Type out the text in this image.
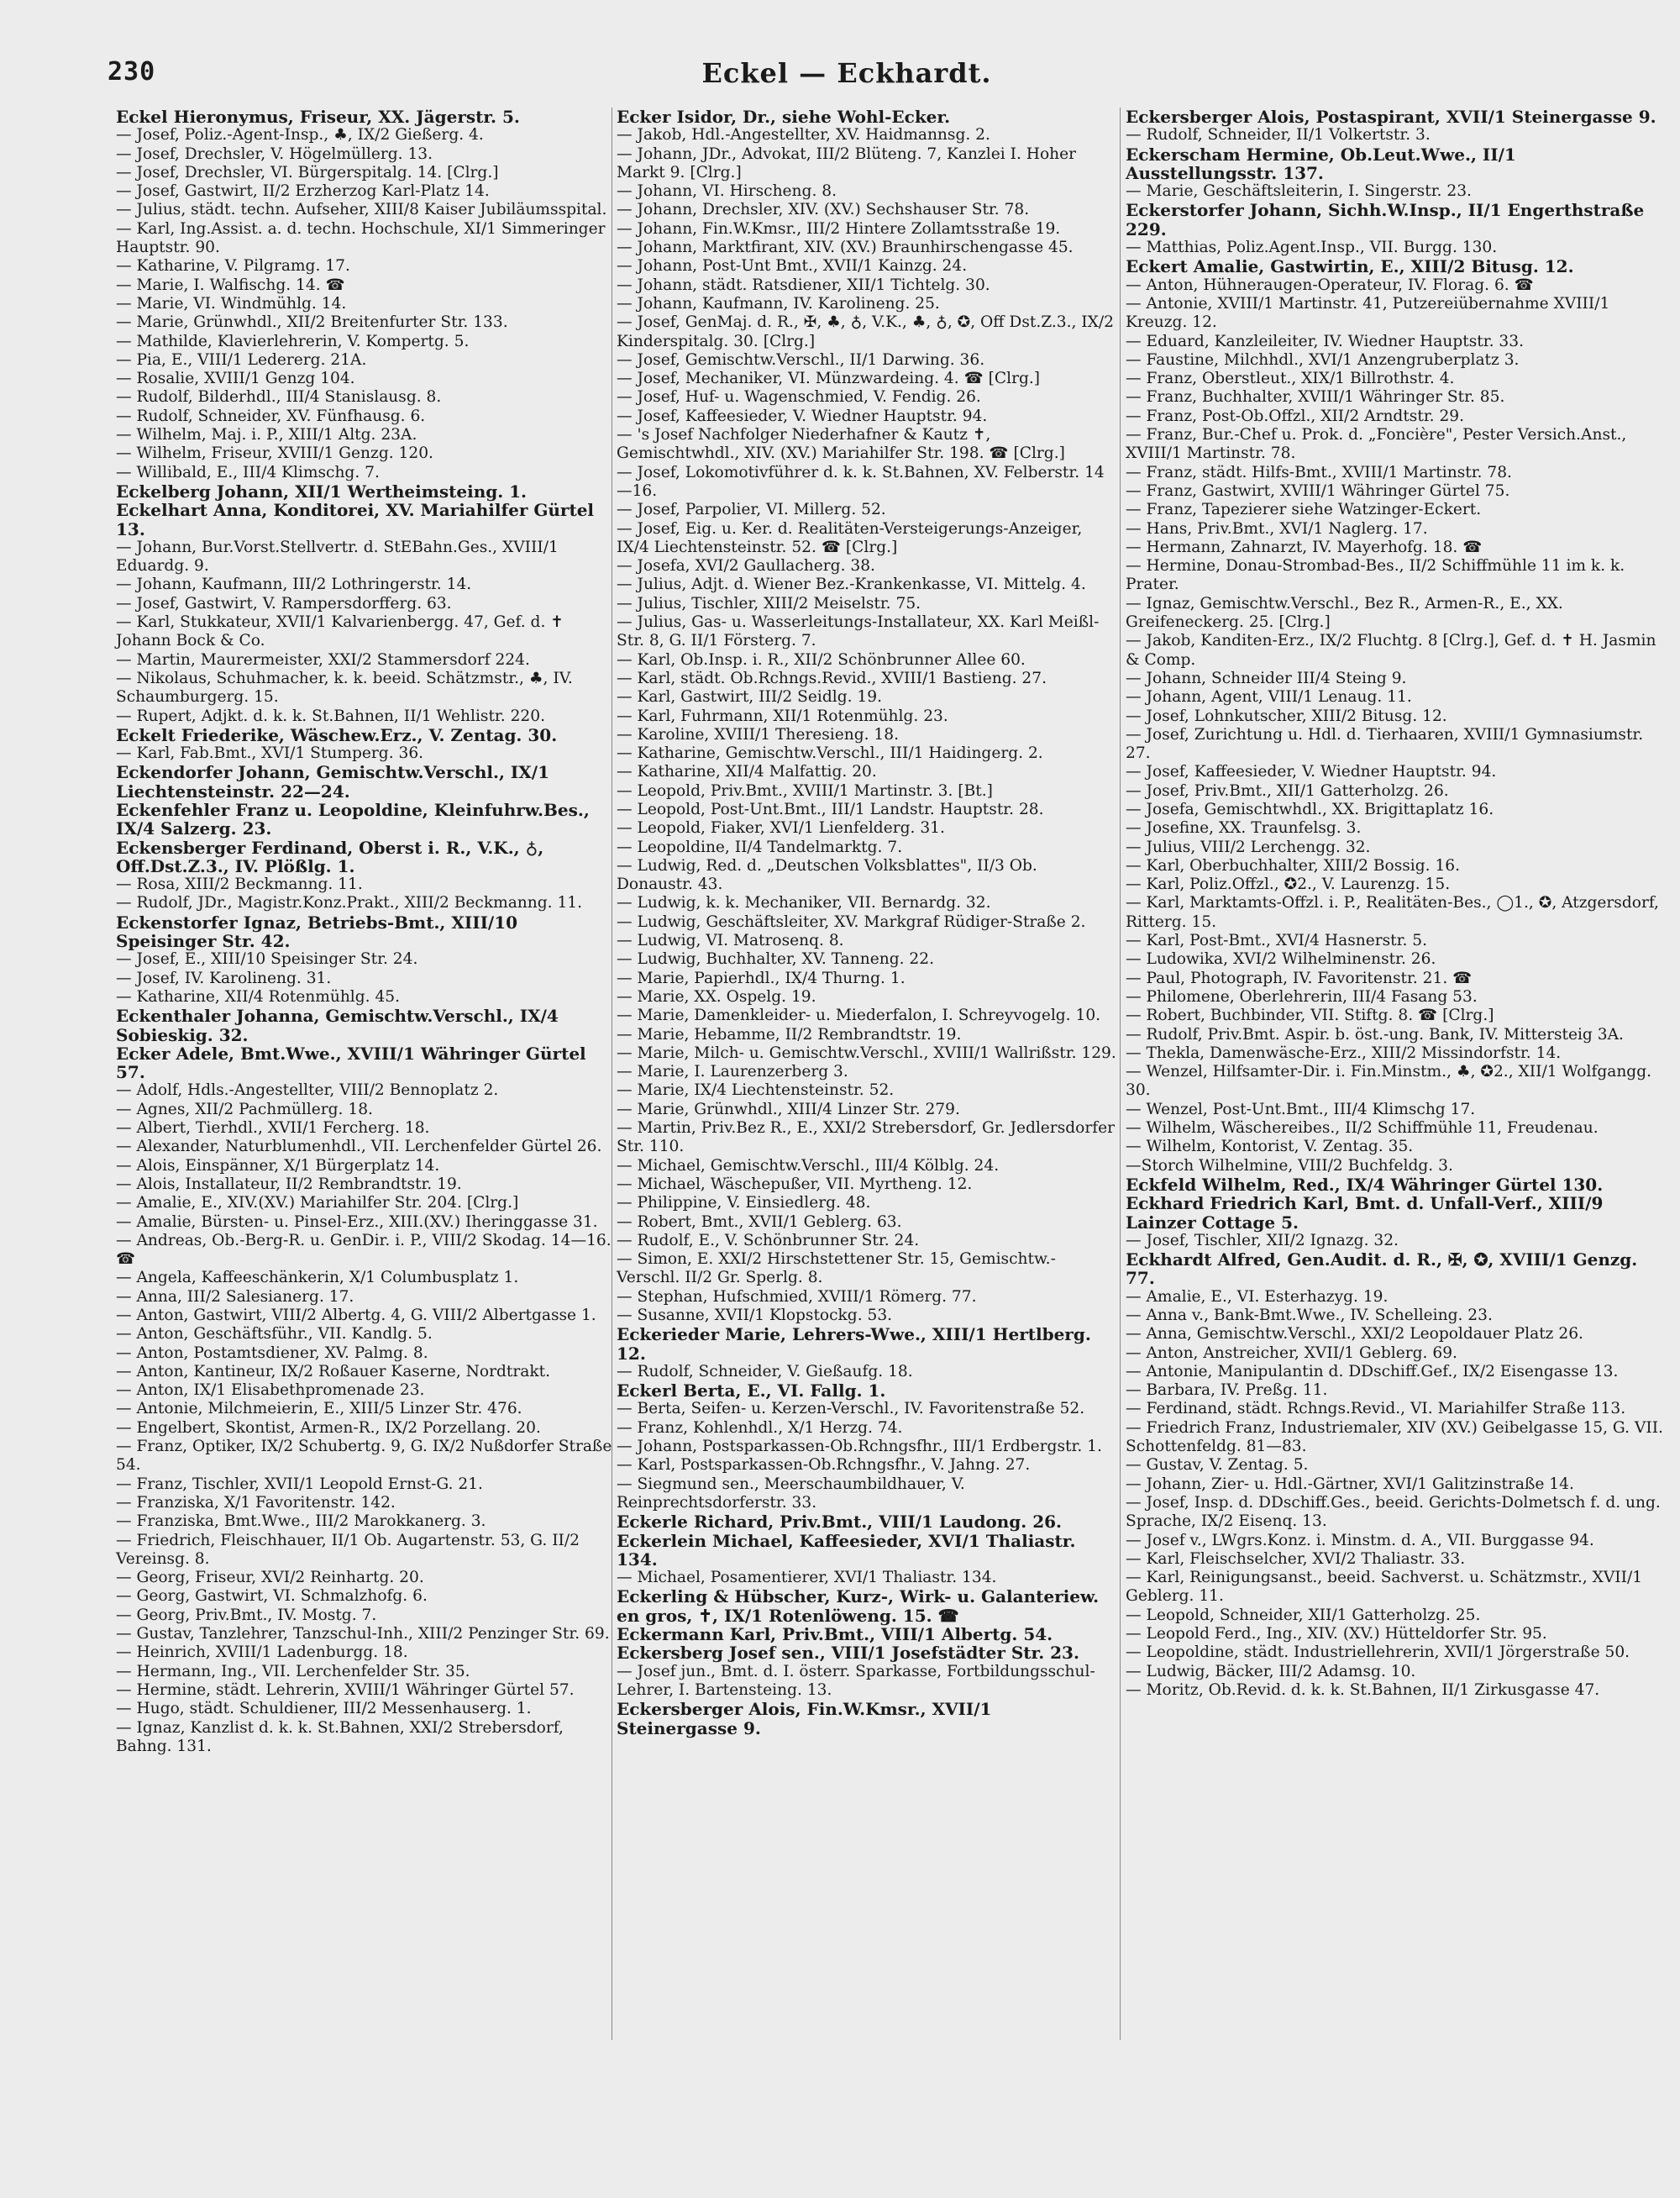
230	Eckel — Eckhardt.

Eckel Hieronymus, Friseur, XX. Jägerstr. 5.

— Josef, Poliz.-Agent-Insp., ♣, IX/2 Gießerg. 4.

— Josef, Drechsler, V. Högelmüllerg. 13.

— Josef, Drechsler, VI. Bürgerspitalg. 14. [Clrg.]

— Josef, Gastwirt, II/2 Erzherzog Karl-Platz 14.

— Julius, städt. techn. Aufseher, XIII/8 Kaiser Jubiläumsspital.

— Karl, Ing.Assist. a. d. techn. Hochschule, XI/1 Simmeringer Hauptstr. 90.

— Katharine, V. Pilgramg. 17.

— Marie, I. Walfischg. 14. ☎

— Marie, VI. Windmühlg. 14.

— Marie, Grünwhdl., XII/2 Breitenfurter Str. 133.

— Mathilde, Klavierlehrerin, V. Kompertg. 5.

— Pia, E., VIII/1 Ledererg. 21A.

— Rosalie, XVIII/1 Genzg 104.

— Rudolf, Bilderhdl., III/4 Stanislausg. 8.

— Rudolf, Schneider, XV. Fünfhausg. 6.

— Wilhelm, Maj. i. P., XIII/1 Altg. 23A.

— Wilhelm, Friseur, XVIII/1 Genzg. 120.

— Willibald, E., III/4 Klimschg. 7.

Eckelberg Johann, XII/1 Wertheimsteing. 1.

Eckelhart Anna, Konditorei, XV. Mariahilfer Gürtel 13.

— Johann, Bur.Vorst.Stellvertr. d. StEBahn.Ges., XVIII/1 Eduardg. 9.

— Johann, Kaufmann, III/2 Lothringerstr. 14.

— Josef, Gastwirt, V. Rampersdorfferg. 63.

— Karl, Stukkateur, XVII/1 Kalvarienbergg. 47, Gef. d. ✝ Johann Bock & Co.

— Martin, Maurermeister, XXI/2 Stammersdorf 224.

— Nikolaus, Schuhmacher, k. k. beeid. Schätzmstr., ♣, IV. Schaumburgerg. 15.

— Rupert, Adjkt. d. k. k. St.Bahnen, II/1 Wehlistr. 220.

Eckelt Friederike, Wäschew.Erz., V. Zentag. 30.

— Karl, Fab.Bmt., XVI/1 Stumperg. 36.

Eckendorfer Johann, Gemischtw.Verschl., IX/1 Liechtensteinstr. 22—24.

Eckenfehler Franz u. Leopoldine, Kleinfuhrw.Bes., IX/4 Salzerg. 23.

Eckensberger Ferdinand, Oberst i. R., V.K., ♁, Off.Dst.Z.3., IV. Plößlg. 1.

— Rosa, XIII/2 Beckmanng. 11.

— Rudolf, JDr., Magistr.Konz.Prakt., XIII/2 Beckmanng. 11.

Eckenstorfer Ignaz, Betriebs-Bmt., XIII/10 Speisinger Str. 42.

— Josef, E., XIII/10 Speisinger Str. 24.

— Josef, IV. Karolineng. 31.

— Katharine, XII/4 Rotenmühlg. 45.

Eckenthaler Johanna, Gemischtw.Verschl., IX/4 Sobieskig. 32.

Ecker Adele, Bmt.Wwe., XVIII/1 Währinger Gürtel 57.

— Adolf, Hdls.-Angestellter, VIII/2 Bennoplatz 2.

— Agnes, XII/2 Pachmüllerg. 18.

— Albert, Tierhdl., XVII/1 Fercherg. 18.

— Alexander, Naturblumenhdl., VII. Lerchenfelder Gürtel 26.

— Alois, Einspänner, X/1 Bürgerplatz 14.

— Alois, Installateur, II/2 Rembrandtstr. 19.

— Amalie, E., XIV.(XV.) Mariahilfer Str. 204. [Clrg.]

— Amalie, Bürsten- u. Pinsel-Erz., XIII.(XV.) Iheringgasse 31.

— Andreas, Ob.-Berg-R. u. GenDir. i. P., VIII/2 Skodag. 14—16. ☎

— Angela, Kaffeeschänkerin, X/1 Columbusplatz 1.

— Anna, III/2 Salesianerg. 17.

— Anton, Gastwirt, VIII/2 Albertg. 4, G. VIII/2 Albertgasse 1.

— Anton, Geschäftsführ., VII. Kandlg. 5.

— Anton, Postamtsdiener, XV. Palmg. 8.

— Anton, Kantineur, IX/2 Roßauer Kaserne, Nordtrakt.

— Anton, IX/1 Elisabethpromenade 23.

— Antonie, Milchmeierin, E., XIII/5 Linzer Str. 476.

— Engelbert, Skontist, Armen-R., IX/2 Porzellang. 20.

— Franz, Optiker, IX/2 Schubertg. 9, G. IX/2 Nußdorfer Straße 54.

— Franz, Tischler, XVII/1 Leopold Ernst-G. 21.

— Franziska, X/1 Favoritenstr. 142.

— Franziska, Bmt.Wwe., III/2 Marokkanerg. 3.

— Friedrich, Fleischhauer, II/1 Ob. Augartenstr. 53, G. II/2 Vereinsg. 8.

— Georg, Friseur, XVI/2 Reinhartg. 20.

— Georg, Gastwirt, VI. Schmalzhofg. 6.

— Georg, Priv.Bmt., IV. Mostg. 7.

— Gustav, Tanzlehrer, Tanzschul-Inh., XIII/2 Penzinger Str. 69.

— Heinrich, XVIII/1 Ladenburgg. 18.

— Hermann, Ing., VII. Lerchenfelder Str. 35.

— Hermine, städt. Lehrerin, XVIII/1 Währinger Gürtel 57.

— Hugo, städt. Schuldiener, III/2 Messenhauserg. 1.

— Ignaz, Kanzlist d. k. k. St.Bahnen, XXI/2 Strebersdorf, Bahng. 131.

Ecker Isidor, Dr., siehe Wohl-Ecker.

— Jakob, Hdl.-Angestellter, XV. Haidmannsg. 2.

— Johann, JDr., Advokat, III/2 Blüteng. 7, Kanzlei I. Hoher Markt 9. [Clrg.]

— Johann, VI. Hirscheng. 8.

— Johann, Drechsler, XIV. (XV.) Sechshauser Str. 78.

— Johann, Fin.W.Kmsr., III/2 Hintere Zollamtsstraße 19.

— Johann, Marktfirant, XIV. (XV.) Braunhirschengasse 45.

— Johann, Post-Unt Bmt., XVII/1 Kainzg. 24.

— Johann, städt. Ratsdiener, XII/1 Tichtelg. 30.

— Johann, Kaufmann, IV. Karolineng. 25.

— Josef, GenMaj. d. R., ✠, ♣, ♁, V.K., ♣, ♁, ✪, Off Dst.Z.3., IX/2 Kinderspitalg. 30. [Clrg.]

— Josef, Gemischtw.Verschl., II/1 Darwing. 36.

— Josef, Mechaniker, VI. Münzwardeing. 4. ☎ [Clrg.]

— Josef, Huf- u. Wagenschmied, V. Fendig. 26.

— Josef, Kaffeesieder, V. Wiedner Hauptstr. 94.

— 's Josef Nachfolger Niederhafner & Kautz ✝, Gemischtwhdl., XIV. (XV.) Mariahilfer Str. 198. ☎ [Clrg.]

— Josef, Lokomotivführer d. k. k. St.Bahnen, XV. Felberstr. 14—16.

— Josef, Parpolier, VI. Millerg. 52.

— Josef, Eig. u. Ker. d. Realitäten-Versteigerungs-Anzeiger, IX/4 Liechtensteinstr. 52. ☎ [Clrg.]

— Josefa, XVI/2 Gaullacherg. 38.

— Julius, Adjt. d. Wiener Bez.-Krankenkasse, VI. Mittelg. 4.

— Julius, Tischler, XIII/2 Meiselstr. 75.

— Julius, Gas- u. Wasserleitungs-Installateur, XX. Karl Meißl-Str. 8, G. II/1 Försterg. 7.

— Karl, Ob.Insp. i. R., XII/2 Schönbrunner Allee 60.

— Karl, städt. Ob.Rchngs.Revid., XVIII/1 Bastieng. 27.

— Karl, Gastwirt, III/2 Seidlg. 19.

— Karl, Fuhrmann, XII/1 Rotenmühlg. 23.

— Karoline, XVIII/1 Theresieng. 18.

— Katharine, Gemischtw.Verschl., III/1 Haidingerg. 2.

— Katharine, XII/4 Malfattig. 20.

— Leopold, Priv.Bmt., XVIII/1 Martinstr. 3. [Bt.]

— Leopold, Post-Unt.Bmt., III/1 Landstr. Hauptstr. 28.

— Leopold, Fiaker, XVI/1 Lienfelderg. 31.

— Leopoldine, II/4 Tandelmarktg. 7.

— Ludwig, Red. d. „Deutschen Volksblattes", II/3 Ob. Donaustr. 43.

— Ludwig, k. k. Mechaniker, VII. Bernardg. 32.

— Ludwig, Geschäftsleiter, XV. Markgraf Rüdiger-Straße 2.

— Ludwig, VI. Matrosenq. 8.

— Ludwig, Buchhalter, XV. Tanneng. 22.

— Marie, Papierhdl., IX/4 Thurng. 1.

— Marie, XX. Ospelg. 19.

— Marie, Damenkleider- u. Miederfalon, I. Schreyvogelg. 10.

— Marie, Hebamme, II/2 Rembrandtstr. 19.

— Marie, Milch- u. Gemischtw.Verschl., XVIII/1 Wallrißstr. 129.

— Marie, I. Laurenzerberg 3.

— Marie, IX/4 Liechtensteinstr. 52.

— Marie, Grünwhdl., XIII/4 Linzer Str. 279.

— Martin, Priv.Bez R., E., XXI/2 Strebersdorf, Gr. Jedlersdorfer Str. 110.

— Michael, Gemischtw.Verschl., III/4 Kölblg. 24.

— Michael, Wäschepußer, VII. Myrtheng. 12.

— Philippine, V. Einsiedlerg. 48.

— Robert, Bmt., XVII/1 Geblerg. 63.

— Rudolf, E., V. Schönbrunner Str. 24.

— Simon, E. XXI/2 Hirschstettener Str. 15, Gemischtw.-Verschl. II/2 Gr. Sperlg. 8.

— Stephan, Hufschmied, XVIII/1 Römerg. 77.

— Susanne, XVII/1 Klopstockg. 53.

Eckerieder Marie, Lehrers-Wwe., XIII/1 Hertlberg. 12.

— Rudolf, Schneider, V. Gießaufg. 18.

Eckerl Berta, E., VI. Fallg. 1.

— Berta, Seifen- u. Kerzen-Verschl., IV. Favoritenstraße 52.

— Franz, Kohlenhdl., X/1 Herzg. 74.

— Johann, Postsparkassen-Ob.Rchngsfhr., III/1 Erdbergstr. 1.

— Karl, Postsparkassen-Ob.Rchngsfhr., V. Jahng. 27.

— Siegmund sen., Meerschaumbildhauer, V. Reinprechtsdorferstr. 33.

Eckerle Richard, Priv.Bmt., VIII/1 Laudong. 26.

Eckerlein Michael, Kaffeesieder, XVI/1 Thaliastr. 134.

— Michael, Posamentierer, XVI/1 Thaliastr. 134.

Eckerling & Hübscher, Kurz-, Wirk- u. Galanteriew. en gros, ✝, IX/1 Rotenlöweng. 15. ☎

Eckermann Karl, Priv.Bmt., VIII/1 Albertg. 54.

Eckersberg Josef sen., VIII/1 Josefstädter Str. 23.

— Josef jun., Bmt. d. I. österr. Sparkasse, Fortbildungsschul-Lehrer, I. Bartensteing. 13.

Eckersberger Alois, Fin.W.Kmsr., XVII/1 Steinergasse 9.

Eckersberger Alois, Postaspirant, XVII/1 Steinergasse 9.

— Rudolf, Schneider, II/1 Volkertstr. 3.

Eckerscham Hermine, Ob.Leut.Wwe., II/1 Ausstellungsstr. 137.

— Marie, Geschäftsleiterin, I. Singerstr. 23.

Eckerstorfer Johann, Sichh.W.Insp., II/1 Engerthstraße 229.

— Matthias, Poliz.Agent.Insp., VII. Burgg. 130.

Eckert Amalie, Gastwirtin, E., XIII/2 Bitusg. 12.

— Anton, Hühneraugen-Operateur, IV. Florag. 6. ☎

— Antonie, XVIII/1 Martinstr. 41, Putzereiübernahme XVIII/1 Kreuzg. 12.

— Eduard, Kanzleileiter, IV. Wiedner Hauptstr. 33.

— Faustine, Milchhdl., XVI/1 Anzengruberplatz 3.

— Franz, Oberstleut., XIX/1 Billrothstr. 4.

— Franz, Buchhalter, XVIII/1 Währinger Str. 85.

— Franz, Post-Ob.Offzl., XII/2 Arndtstr. 29.

— Franz, Bur.-Chef u. Prok. d. „Foncière", Pester Versich.Anst., XVIII/1 Martinstr. 78.

— Franz, städt. Hilfs-Bmt., XVIII/1 Martinstr. 78.

— Franz, Gastwirt, XVIII/1 Währinger Gürtel 75.

— Franz, Tapezierer siehe Watzinger-Eckert.

— Hans, Priv.Bmt., XVI/1 Naglerg. 17.

— Hermann, Zahnarzt, IV. Mayerhofg. 18. ☎

— Hermine, Donau-Strombad-Bes., II/2 Schiffmühle 11 im k. k. Prater.

— Ignaz, Gemischtw.Verschl., Bez R., Armen-R., E., XX. Greifeneckerg. 25. [Clrg.]

— Jakob, Kanditen-Erz., IX/2 Fluchtg. 8 [Clrg.], Gef. d. ✝ H. Jasmin & Comp.

— Johann, Schneider III/4 Steing 9.

— Johann, Agent, VIII/1 Lenaug. 11.

— Josef, Lohnkutscher, XIII/2 Bitusg. 12.

— Josef, Zurichtung u. Hdl. d. Tierhaaren, XVIII/1 Gymnasiumstr. 27.

— Josef, Kaffeesieder, V. Wiedner Hauptstr. 94.

— Josef, Priv.Bmt., XII/1 Gatterholzg. 26.

— Josefa, Gemischtwhdl., XX. Brigittaplatz 16.

— Josefine, XX. Traunfelsg. 3.

— Julius, VIII/2 Lerchengg. 32.

— Karl, Oberbuchhalter, XIII/2 Bossig. 16.

— Karl, Poliz.Offzl., ✪2., V. Laurenzg. 15.

— Karl, Marktamts-Offzl. i. P., Realitäten-Bes., ◯1., ✪, Atzgersdorf, Ritterg. 15.

— Karl, Post-Bmt., XVI/4 Hasnerstr. 5.

— Ludowika, XVI/2 Wilhelminenstr. 26.

— Paul, Photograph, IV. Favoritenstr. 21. ☎

— Philomene, Oberlehrerin, III/4 Fasang 53.

— Robert, Buchbinder, VII. Stiftg. 8. ☎ [Clrg.]

— Rudolf, Priv.Bmt. Aspir. b. öst.-ung. Bank, IV. Mittersteig 3A.

— Thekla, Damenwäsche-Erz., XIII/2 Missindorfstr. 14.

— Wenzel, Hilfsamter-Dir. i. Fin.Minstm., ♣, ✪2., XII/1 Wolfgangg. 30.

— Wenzel, Post-Unt.Bmt., III/4 Klimschg 17.

— Wilhelm, Wäschereibes., II/2 Schiffmühle 11, Freudenau.

— Wilhelm, Kontorist, V. Zentag. 35.

—Storch Wilhelmine, VIII/2 Buchfeldg. 3.

Eckfeld Wilhelm, Red., IX/4 Währinger Gürtel 130.

Eckhard Friedrich Karl, Bmt. d. Unfall-Verf., XIII/9 Lainzer Cottage 5.

— Josef, Tischler, XII/2 Ignazg. 32.

Eckhardt Alfred, Gen.Audit. d. R., ✠, ✪, XVIII/1 Genzg. 77.

— Amalie, E., VI. Esterhazyg. 19.

— Anna v., Bank-Bmt.Wwe., IV. Schelleing. 23.

— Anna, Gemischtw.Verschl., XXI/2 Leopoldauer Platz 26.

— Anton, Anstreicher, XVII/1 Geblerg. 69.

— Antonie, Manipulantin d. DDschiff.Gef., IX/2 Eisengasse 13.

— Barbara, IV. Preßg. 11.

— Ferdinand, städt. Rchngs.Revid., VI. Mariahilfer Straße 113.

— Friedrich Franz, Industriemaler, XIV (XV.) Geibelgasse 15, G. VII. Schottenfeldg. 81—83.

— Gustav, V. Zentag. 5.

— Johann, Zier- u. Hdl.-Gärtner, XVI/1 Galitzinstraße 14.

— Josef, Insp. d. DDschiff.Ges., beeid. Gerichts-Dolmetsch f. d. ung. Sprache, IX/2 Eisenq. 13.

— Josef v., LWgrs.Konz. i. Minstm. d. A., VII. Burggasse 94.

— Karl, Fleischselcher, XVI/2 Thaliastr. 33.

— Karl, Reinigungsanst., beeid. Sachverst. u. Schätzmstr., XVII/1 Geblerg. 11.

— Leopold, Schneider, XII/1 Gatterholzg. 25.

— Leopold Ferd., Ing., XIV. (XV.) Hütteldorfer Str. 95.

— Leopoldine, städt. Industriellehrerin, XVII/1 Jörgerstraße 50.

— Ludwig, Bäcker, III/2 Adamsg. 10.

— Moritz, Ob.Revid. d. k. k. St.Bahnen, II/1 Zirkusgasse 47.
